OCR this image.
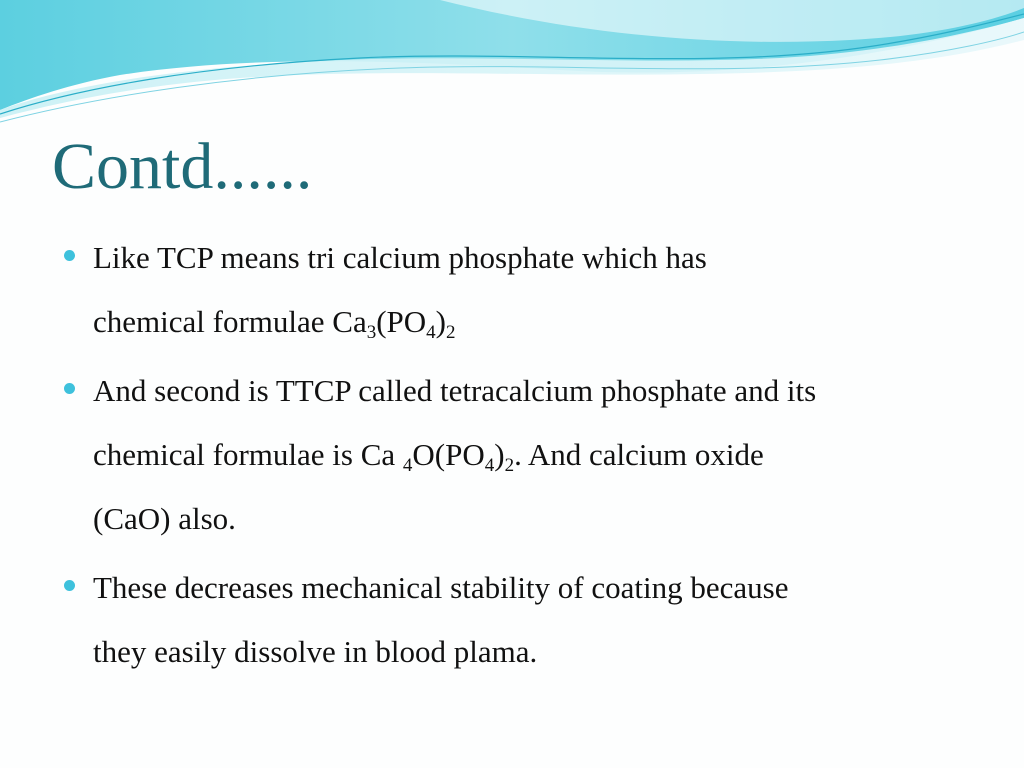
Contd......

Like TCP means tri calcium phosphate which has
chemical formulae $Ca_3(PO_4)_2$

And second is TTCP called tetracalcium phosphate and its
chemical formulae is Ca $_4O(PO_4)_2$. And calcium oxide
(CaO) also.

These decreases mechanical stability of coating because
they easily dissolve in blood plama.
